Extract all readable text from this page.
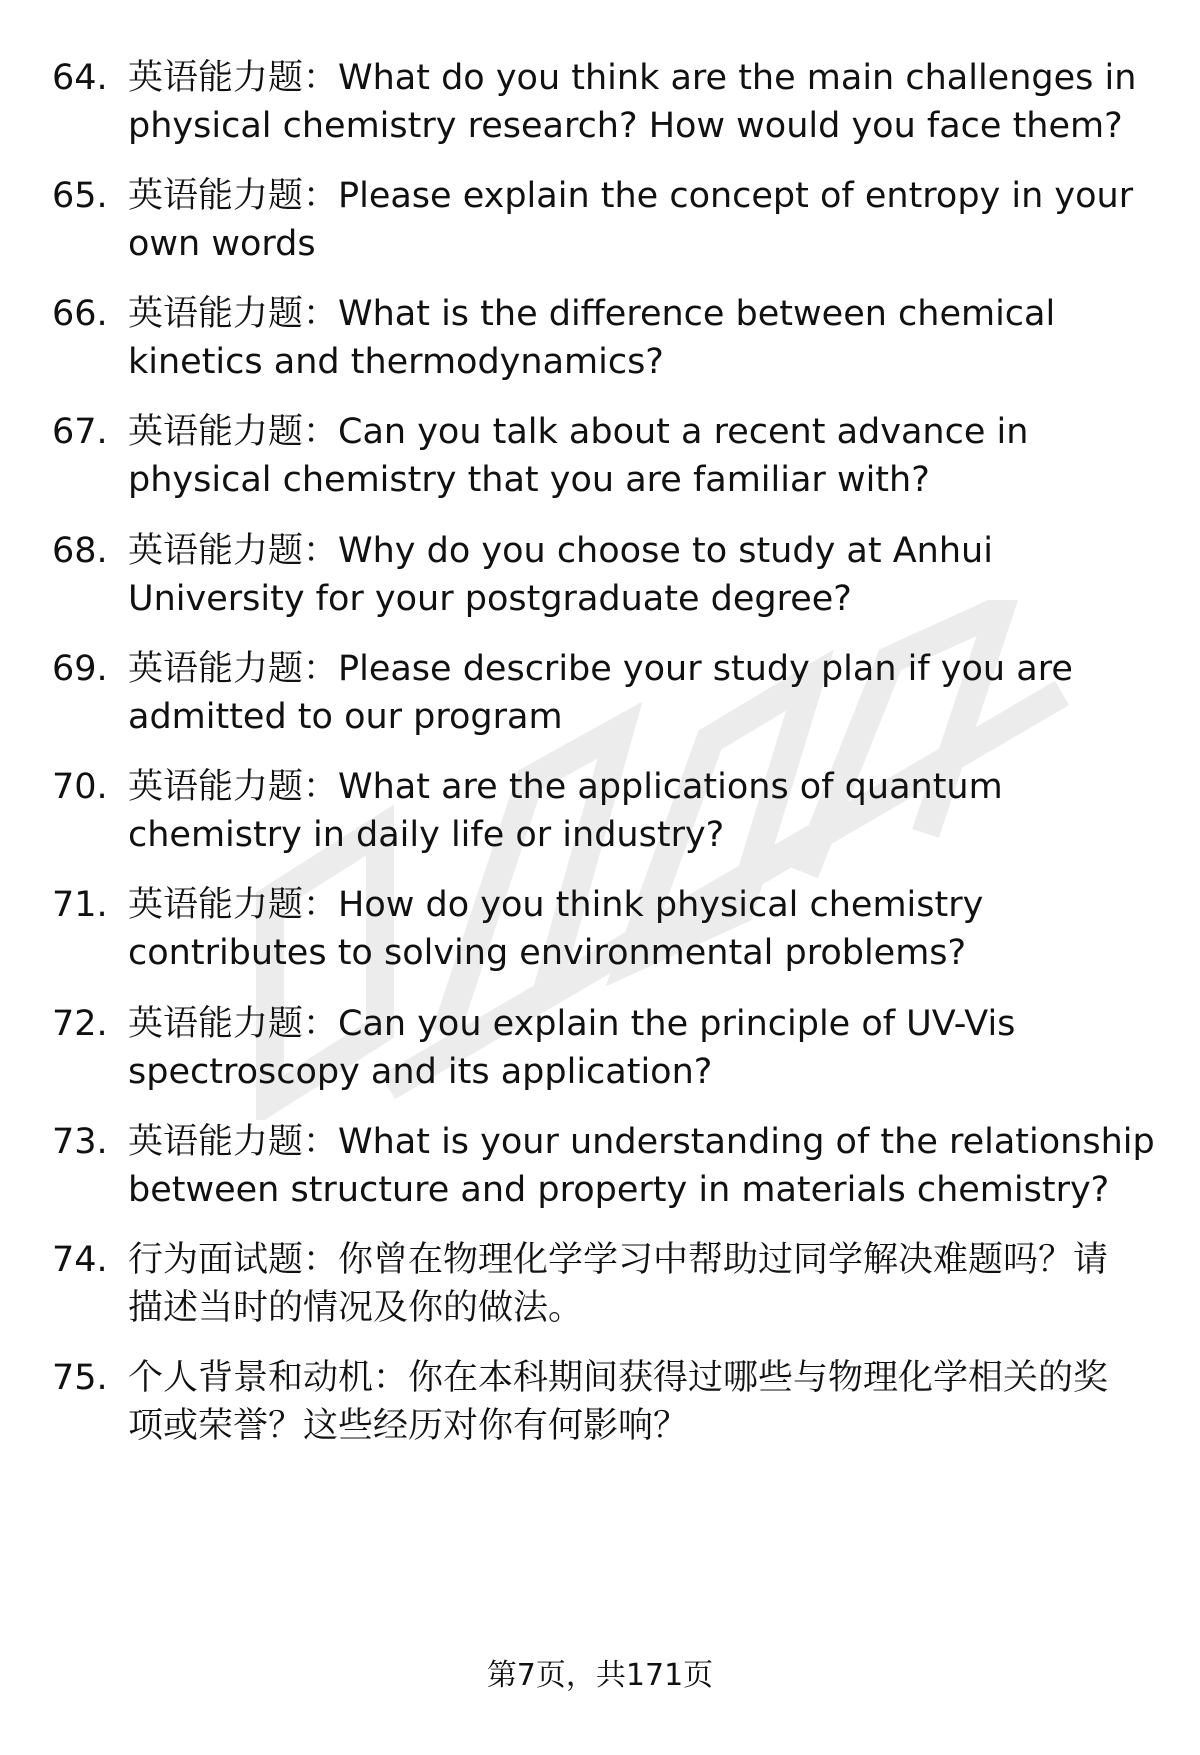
64. 英语能力题：What do you think are the main challenges in
physical chemistry research? How would you face them?
65. 英语能力题：Please explain the concept of entropy in your
own words
66. 英语能力题：What is the difference between chemical
kinetics and thermodynamics?
67. 英语能力题：Can you talk about a recent advance in
physical chemistry that you are familiar with?
68. 英语能力题：Why do you choose to study at Anhui
University for your postgraduate degree?
69. 英语能力题：Please describe your study plan if you are
admitted to our program
70. 英语能力题：What are the applications of quantum
chemistry in daily life or industry?
71. 英语能力题：How do you think physical chemistry
contributes to solving environmental problems?
72. 英语能力题：Can you explain the principle of UV-Vis
spectroscopy and its application?
73. 英语能力题：What is your understanding of the relationship
between structure and property in materials chemistry?
74. 行为面试题：你曾在物理化学学习中帮助过同学解决难题吗？请
描述当时的情况及你的做法。
75. 个人背景和动机：你在本科期间获得过哪些与物理化学相关的奖
项或荣誉？这些经历对你有何影响？
第7页，共171页
